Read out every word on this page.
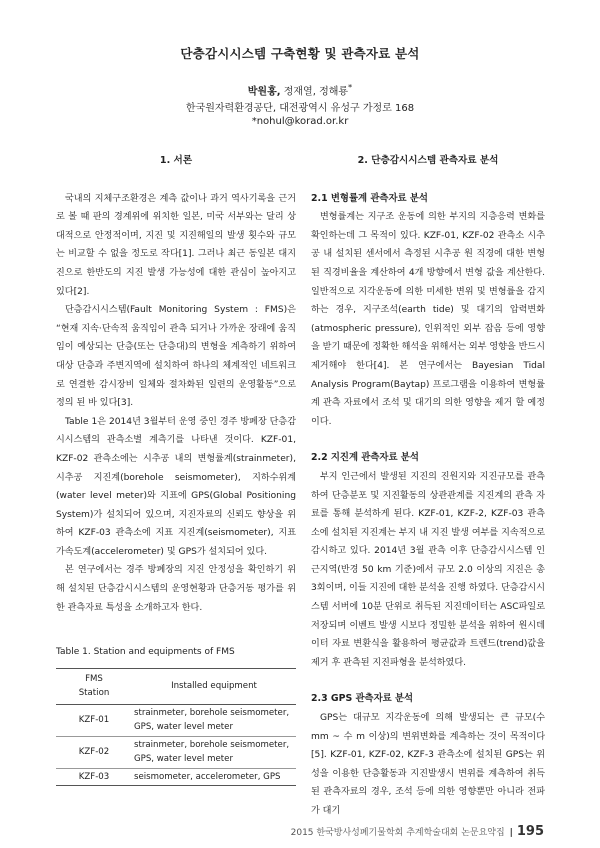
단층감시시스템 구축현황 및 관측자료 분석
박원홍, 정재열, 정해룡*
한국원자력환경공단, 대전광역시 유성구 가정로 168
*nohul@korad.or.kr
1. 서론

국내의 지체구조환경은 계측 값이나 과거 역사기록을 근거로 볼 때 판의 경계위에 위치한 일본, 미국 서부와는 달리 상대적으로 안정적이며, 지진 및 지진해일의 발생 횟수와 규모는 비교할 수 없을 정도로 작다[1]. 그러나 최근 동일본 대지진으로 한반도의 지진 발생 가능성에 대한 관심이 높아지고 있다[2].

단층감시시스템(Fault Monitoring System : FMS)은 “현재 지속·단속적 움직임이 관측 되거나 가까운 장래에 움직임이 예상되는 단층(또는 단층대)의 변형을 계측하기 위하여 대상 단층과 주변지역에 설치하여 하나의 체계적인 네트워크로 연결한 감시장비 일체와 절차화된 일련의 운영활동”으로 정의 된 바 있다[3].

Table 1은 2014년 3월부터 운영 중인 경주 방폐장 단층감시시스템의 관측소별 계측기를 나타낸 것이다. KZF-01, KZF-02 관측소에는 시추공 내의 변형률계(strainmeter), 시추공 지진계(borehole seismometer), 지하수위계(water level meter)와 지표에 GPS(Global Positioning System)가 설치되어 있으며, 지진자료의 신뢰도 향상을 위하여 KZF-03 관측소에 지표 지진계(seismometer), 지표 가속도계(accelerometer) 및 GPS가 설치되어 있다.

본 연구에서는 경주 방폐장의 지진 안정성을 확인하기 위해 설치된 단층감시시스템의 운영현황과 단층거동 평가를 위한 관측자료 특성을 소개하고자 한다.

Table 1. Station and equipments of FMS
FMS
Station	Installed equipment
KZF-01	strainmeter, borehole seismometer, GPS, water level meter
KZF-02	strainmeter, borehole seismometer, GPS, water level meter
KZF-03	seismometer, accelerometer, GPS
2. 단층감시시스템 관측자료 분석
2.1 변형률계 관측자료 분석

변형률계는 지구조 운동에 의한 부지의 지층응력 변화를 확인하는데 그 목적이 있다. KZF-01, KZF-02 관측소 시추공 내 설치된 센서에서 측정된 시추공 원 직경에 대한 변형된 직경비율을 계산하여 4개 방향에서 변형 값을 계산한다. 일반적으로 지각운동에 의한 미세한 변위 및 변형률을 감지하는 경우, 지구조석(earth tide) 및 대기의 압력변화(atmospheric pressure), 인위적인 외부 잡음 등에 영향을 받기 때문에 정확한 해석을 위해서는 외부 영향을 반드시 제거해야 한다[4]. 본 연구에서는 Bayesian Tidal Analysis Program(Baytap) 프로그램을 이용하여 변형률계 관측 자료에서 조석 및 대기의 의한 영향을 제거 할 예정이다.

2.2 지진계 관측자료 분석

부지 인근에서 발생된 지진의 진원지와 지진규모를 관측하여 단층분포 및 지진활동의 상관관계를 지진계의 관측 자료를 통해 분석하게 된다. KZF-01, KZF-2, KZF-03 관측소에 설치된 지진계는 부지 내 지진 발생 여부를 지속적으로 감시하고 있다. 2014년 3월 관측 이후 단층감시시스템 인근지역(반경 50 km 기준)에서 규모 2.0 이상의 지진은 총 3회이며, 이들 지진에 대한 분석을 진행 하였다. 단층감시시스템 서버에 10분 단위로 취득된 지진데이터는 ASC파일로 저장되며 이벤트 발생 시보다 정밀한 분석을 위하여 원시데이터 자료 변환식을 활용하여 평균값과 트렌드(trend)값을 제거 후 관측된 지진파형을 분석하였다.

2.3 GPS 관측자료 분석

GPS는 대규모 지각운동에 의해 발생되는 큰 규모(수 mm ~ 수 m 이상)의 변위변화를 계측하는 것이 목적이다[5]. KZF-01, KZF-02, KZF-3 관측소에 설치된 GPS는 위성을 이용한 단층활동과 지진발생시 변위를 계측하여 취득된 관측자료의 경우, 조석 등에 의한 영향뿐만 아니라 전파가 대기

2015 한국방사성폐기물학회 추계학술대회 논문요약집 | 195
